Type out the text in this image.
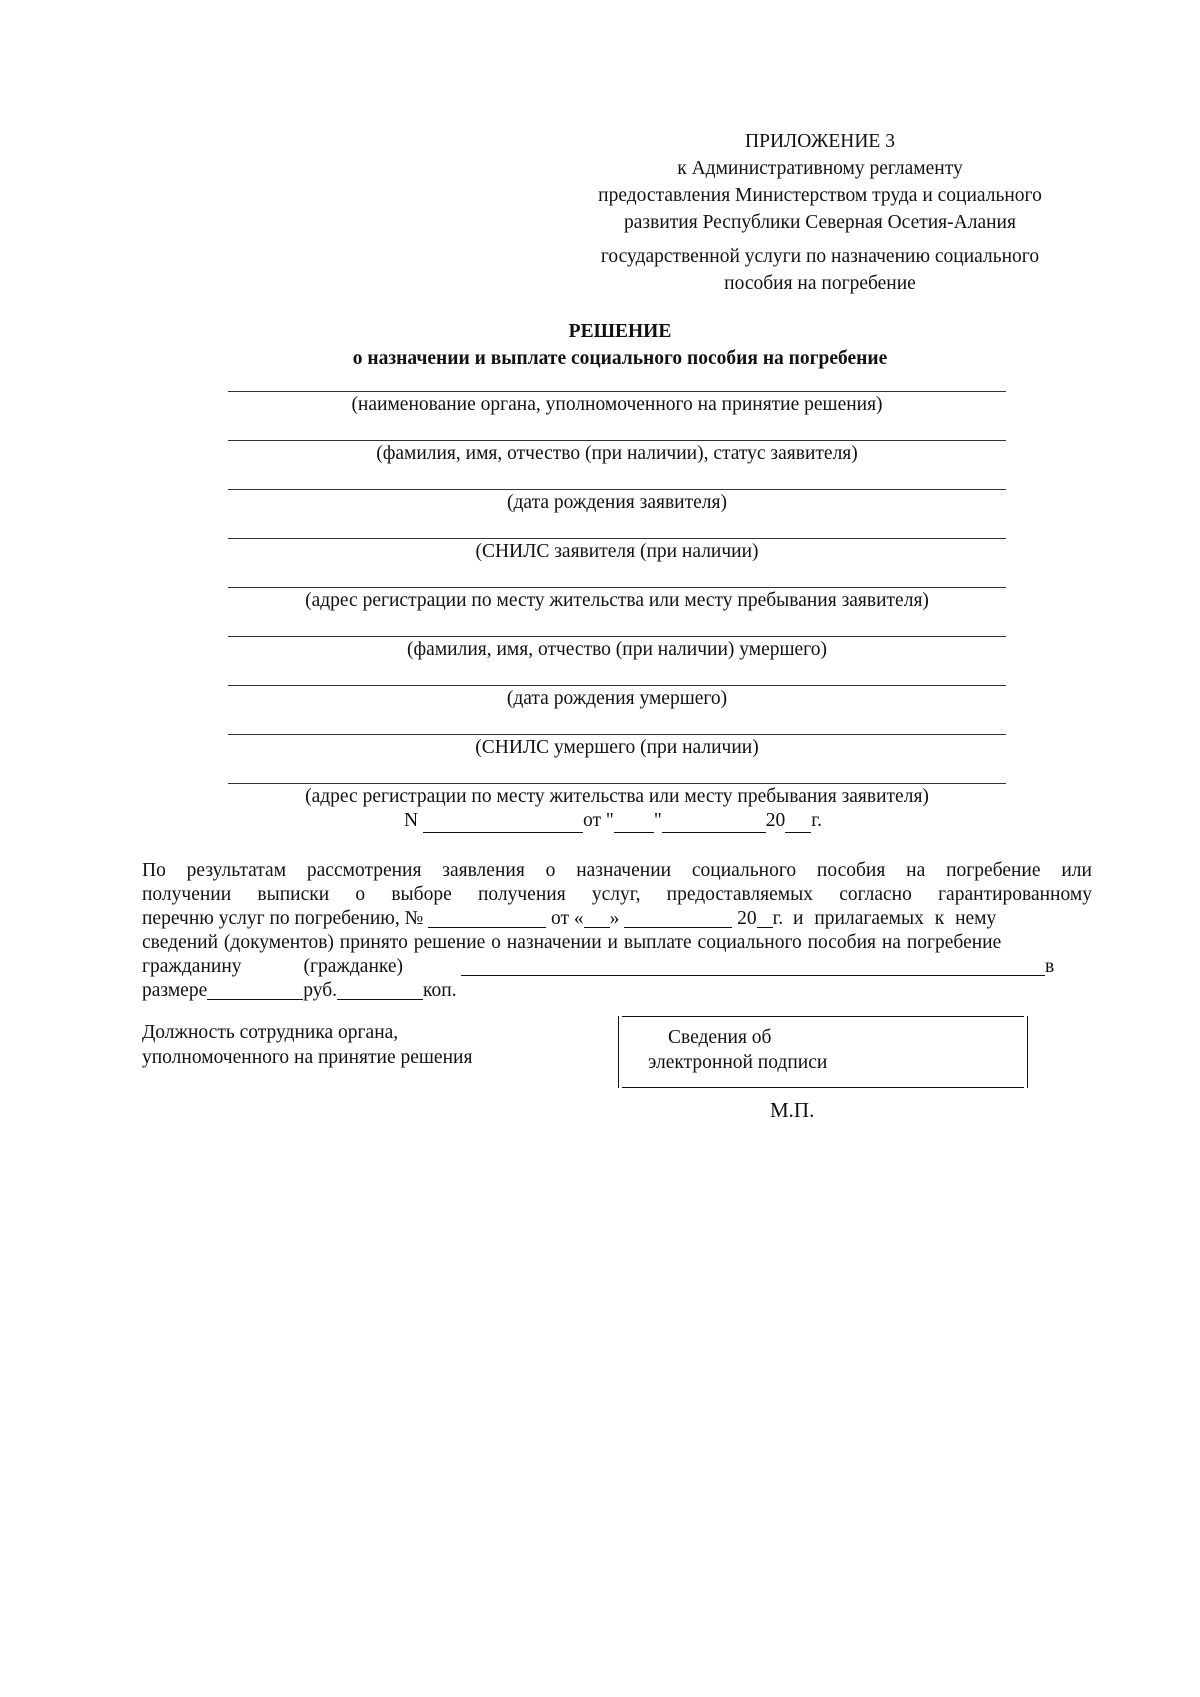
ПРИЛОЖЕНИЕ 3
к Административному регламенту
предоставления Министерством труда и социального
развития Республики Северная Осетия-Алания
государственной услуги по назначению социального
пособия на погребение
РЕШЕНИЕ
о назначении и выплате социального пособия на погребение
(наименование органа, уполномоченного на принятие решения)
(фамилия, имя, отчество (при наличии), статус заявителя)
(дата рождения заявителя)
(СНИЛС заявителя (при наличии)
(адрес регистрации по месту жительства или месту пребывания заявителя)
(фамилия, имя, отчество (при наличии) умершего)
(дата рождения умершего)
(СНИЛС умершего (при наличии)
(адрес регистрации по месту жительства или месту пребывания заявителя)
N	от " "	20 г.
По результатам рассмотрения заявления о назначении социального пособия на погребение или
получении выписки о выборе получения услуг, предоставляемых согласно гарантированному
перечню услуг по погребению, №

	от « »

	20 г.
и прилагаемых к нему
сведений (документов) принято решение о назначении и выплате социального пособия на погребение
гражданину	(гражданке)	в
размере	руб.	коп.
Должность сотрудника органа,
уполномоченного на принятие решения
Сведения об
электронной подписи
М.П.
